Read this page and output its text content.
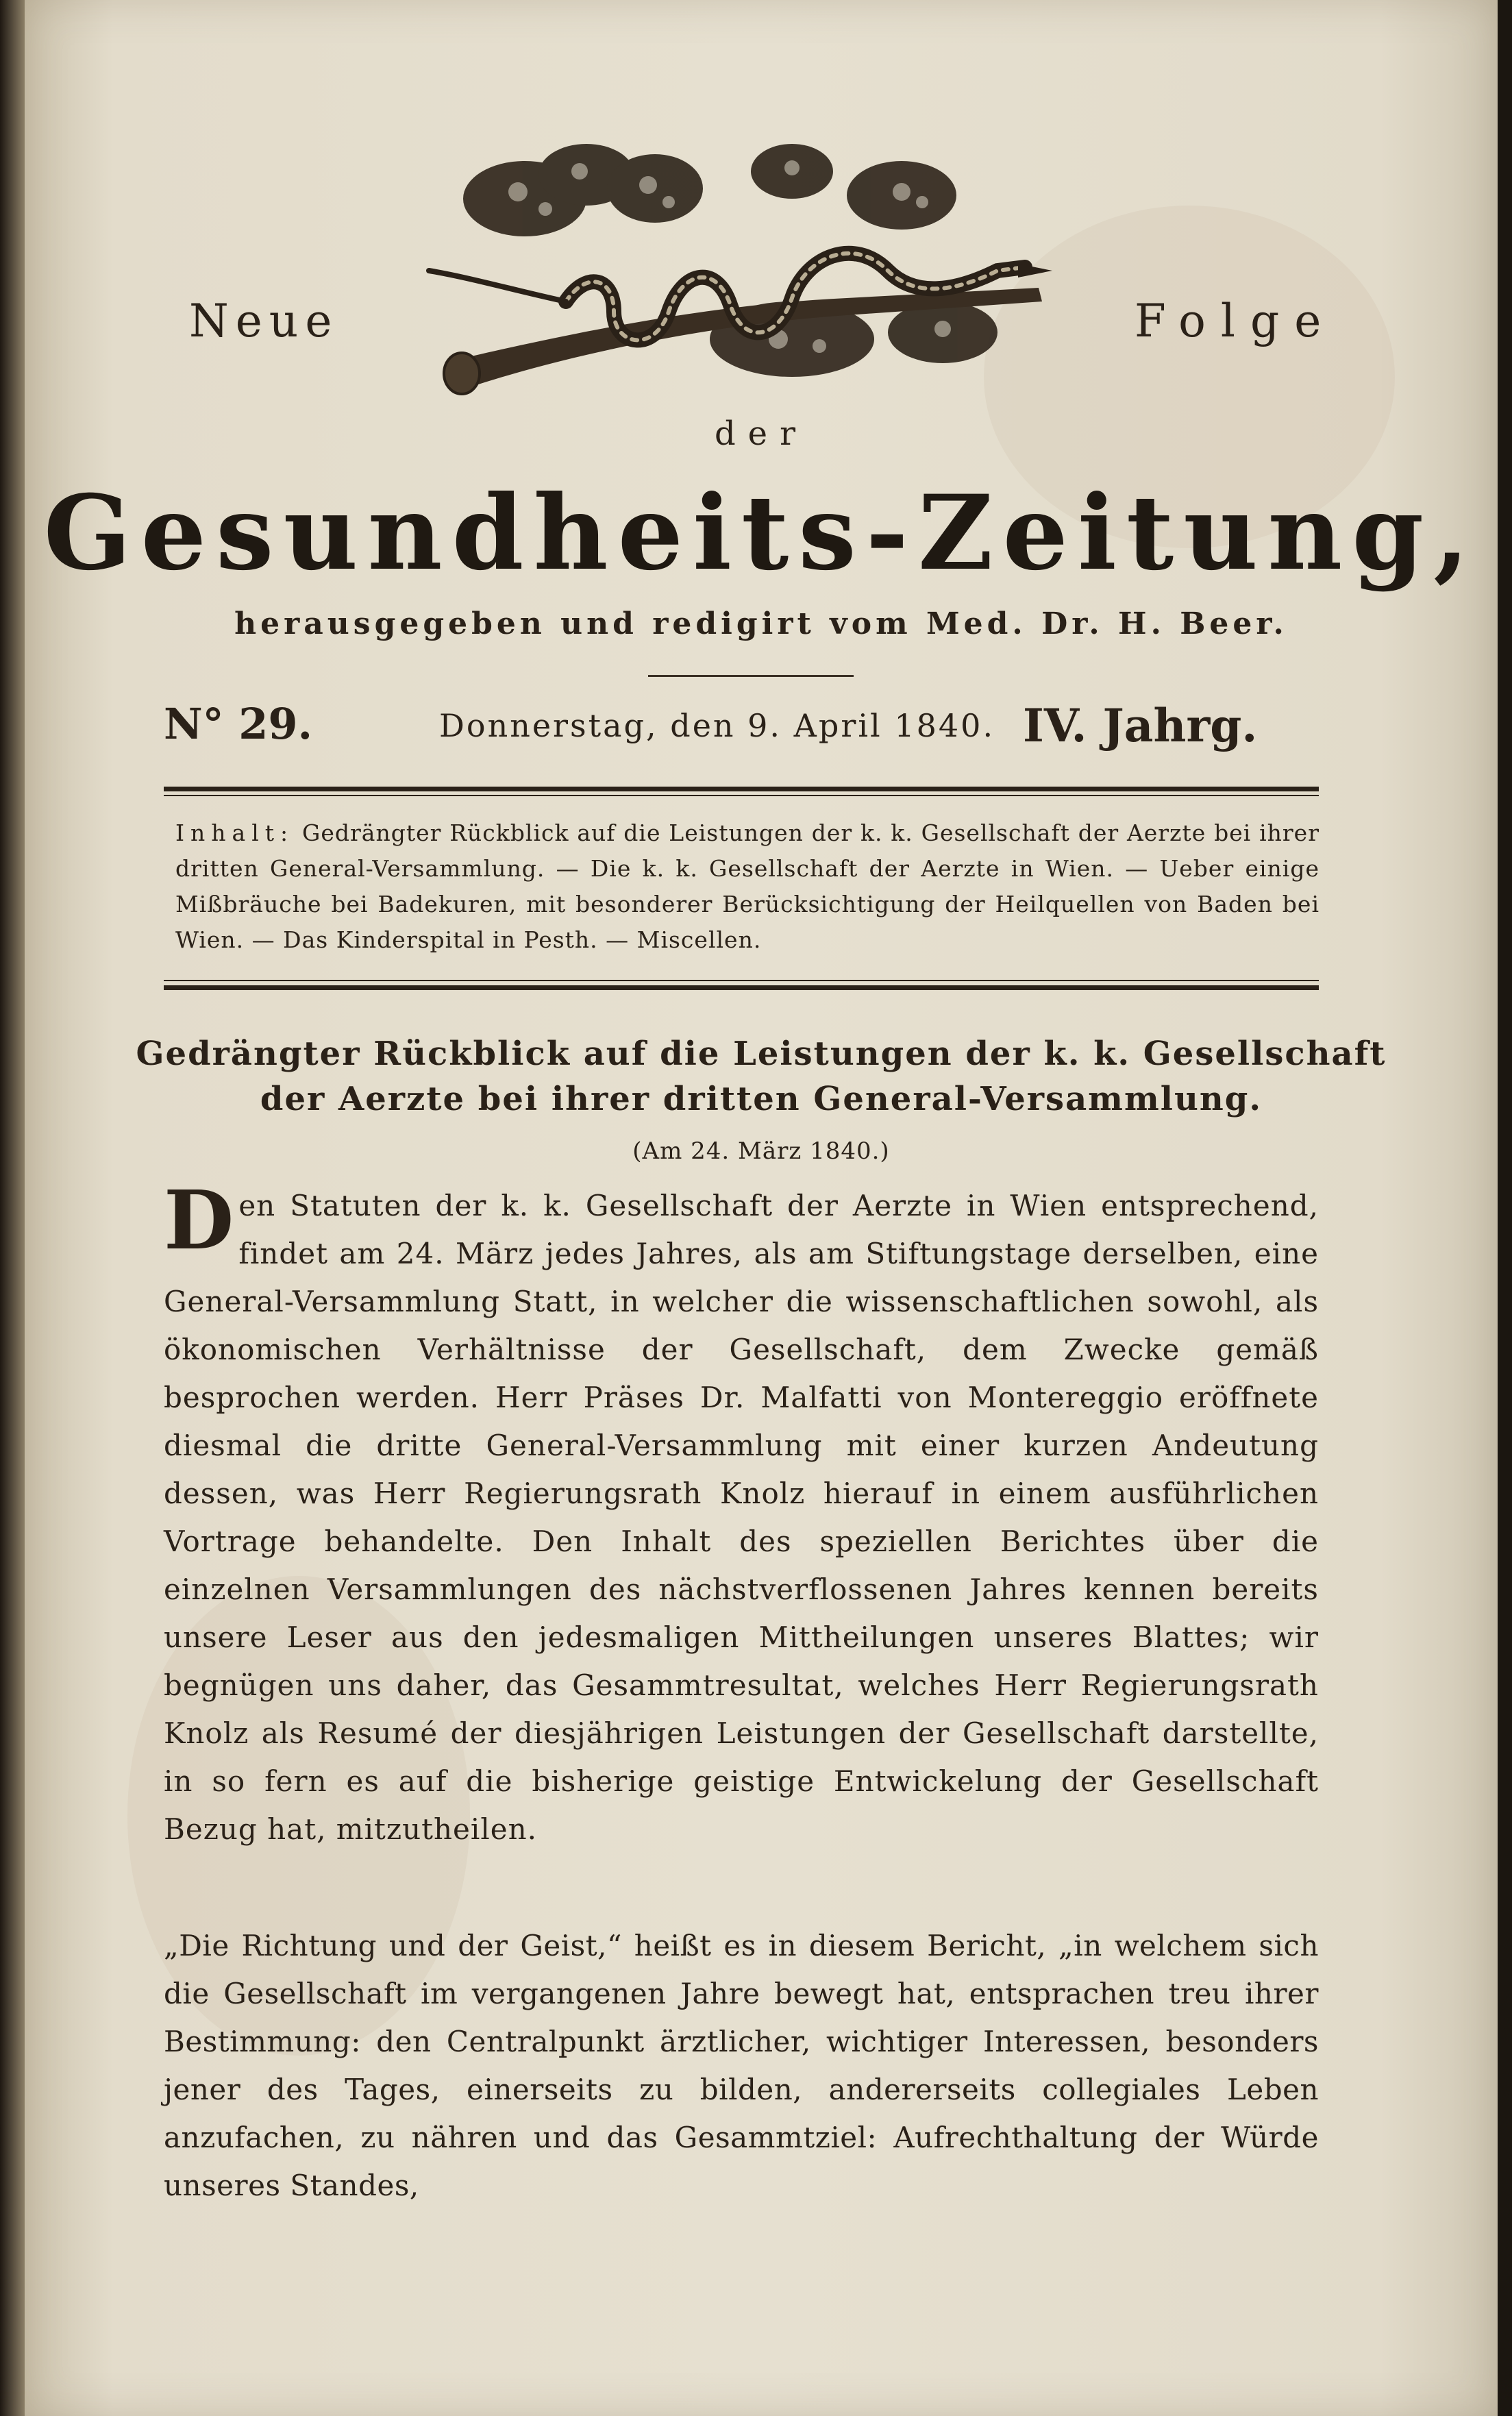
Neue	Folge
der
Gesundheits-Zeitung,
herausgegeben und redigirt vom Med. Dr. H. Beer.
N° 29.	Donnerstag, den 9. April 1840. IV. Jahrg.
Inhalt: Gedrängter Rückblick auf die Leistungen der k. k. Gesellschaft der Aerzte bei ihrer dritten General-Versammlung. — Die k. k. Gesellschaft der Aerzte in Wien. — Ueber einige Mißbräuche bei Badekuren, mit besonderer Berücksichtigung der Heilquellen von Baden bei Wien. — Das Kinderspital in Pesth. — Miscellen.
Gedrängter Rückblick auf die Leistungen der k. k. Gesellschaft
der Aerzte bei ihrer dritten General-Versammlung.
(Am 24. März 1840.)
Den Statuten der k. k. Gesellschaft der Aerzte in Wien entsprechend, findet am 24. März jedes Jahres, als am Stiftungstage derselben, eine General-Versammlung Statt, in welcher die wissenschaftlichen sowohl, als ökonomischen Verhältnisse der Gesellschaft, dem Zwecke gemäß besprochen werden. Herr Präses Dr. Malfatti von Montereggio eröffnete diesmal die dritte General-Versammlung mit einer kurzen Andeutung dessen, was Herr Regierungsrath Knolz hierauf in einem ausführlichen Vortrage behandelte. Den Inhalt des speziellen Berichtes über die einzelnen Versammlungen des nächstverflossenen Jahres kennen bereits unsere Leser aus den jedesmaligen Mittheilungen unseres Blattes; wir begnügen uns daher, das Gesammtresultat, welches Herr Regierungsrath Knolz als Resumé der diesjährigen Leistungen der Gesellschaft darstellte, in so fern es auf die bisherige geistige Entwickelung der Gesellschaft Bezug hat, mitzutheilen.
„Die Richtung und der Geist,“ heißt es in diesem Bericht, „in welchem sich die Gesellschaft im vergangenen Jahre bewegt hat, entsprachen treu ihrer Bestimmung: den Centralpunkt ärztlicher, wichtiger Interessen, besonders jener des Tages, einerseits zu bilden, andererseits collegiales Leben anzufachen, zu nähren und das Gesammtziel: Aufrechthaltung der Würde unseres Standes,
